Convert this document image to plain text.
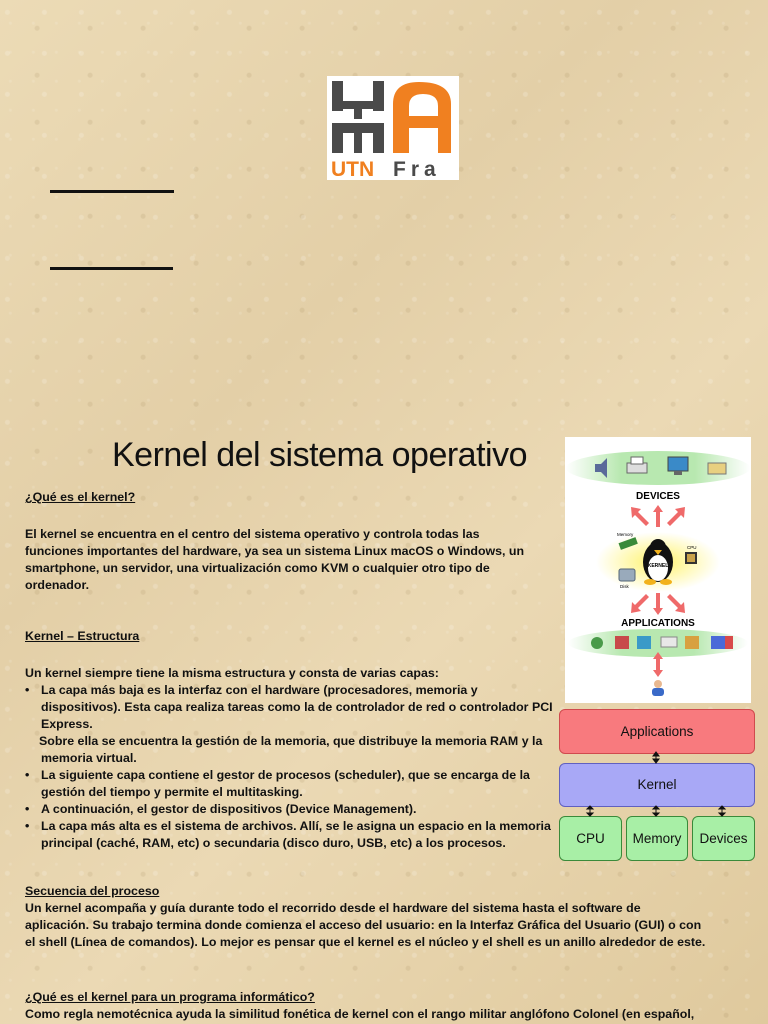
UTN Fra
Kernel del sistema operativo
¿Qué es el kernel?
El kernel se encuentra en el centro del sistema operativo y controla todas las
funciones importantes del hardware, ya sea un sistema Linux macOS o Windows, un
smartphone, un servidor, una virtualización como KVM o cualquier otro tipo de
ordenador.
Kernel – Estructura
Un kernel siempre tiene la misma estructura y consta de varias capas:
• La capa más baja es la interfaz con el hardware (procesadores, memoria y
dispositivos). Esta capa realiza tareas como la de controlador de red o controlador PCI
Express.
Sobre ella se encuentra la gestión de la memoria, que distribuye la memoria RAM y la
memoria virtual.
• La siguiente capa contiene el gestor de procesos (scheduler), que se encarga de la
gestión del tiempo y permite el multitasking.
• A continuación, el gestor de dispositivos (Device Management).
• La capa más alta es el sistema de archivos. Allí, se le asigna un espacio en la memoria
principal (caché, RAM, etc) o secundaria (disco duro, USB, etc) a los procesos.
Secuencia del proceso
Un kernel acompaña y guía durante todo el recorrido desde el hardware del sistema hasta el software de
aplicación. Su trabajo termina donde comienza el acceso del usuario: en la Interfaz Gráfica del Usuario (GUI) o con
el shell (Línea de comandos). Lo mejor es pensar que el kernel es el núcleo y el shell es un anillo alrededor de este.
¿Qué es el kernel para un programa informático?
Como regla nemotécnica ayuda la similitud fonética de kernel con el rango militar anglófono Colonel (en español,
DEVICES
KERNEL
Memory
CPU
Disk
APPLICATIONS
Applications
Kernel
CPU	Memory	Devices
